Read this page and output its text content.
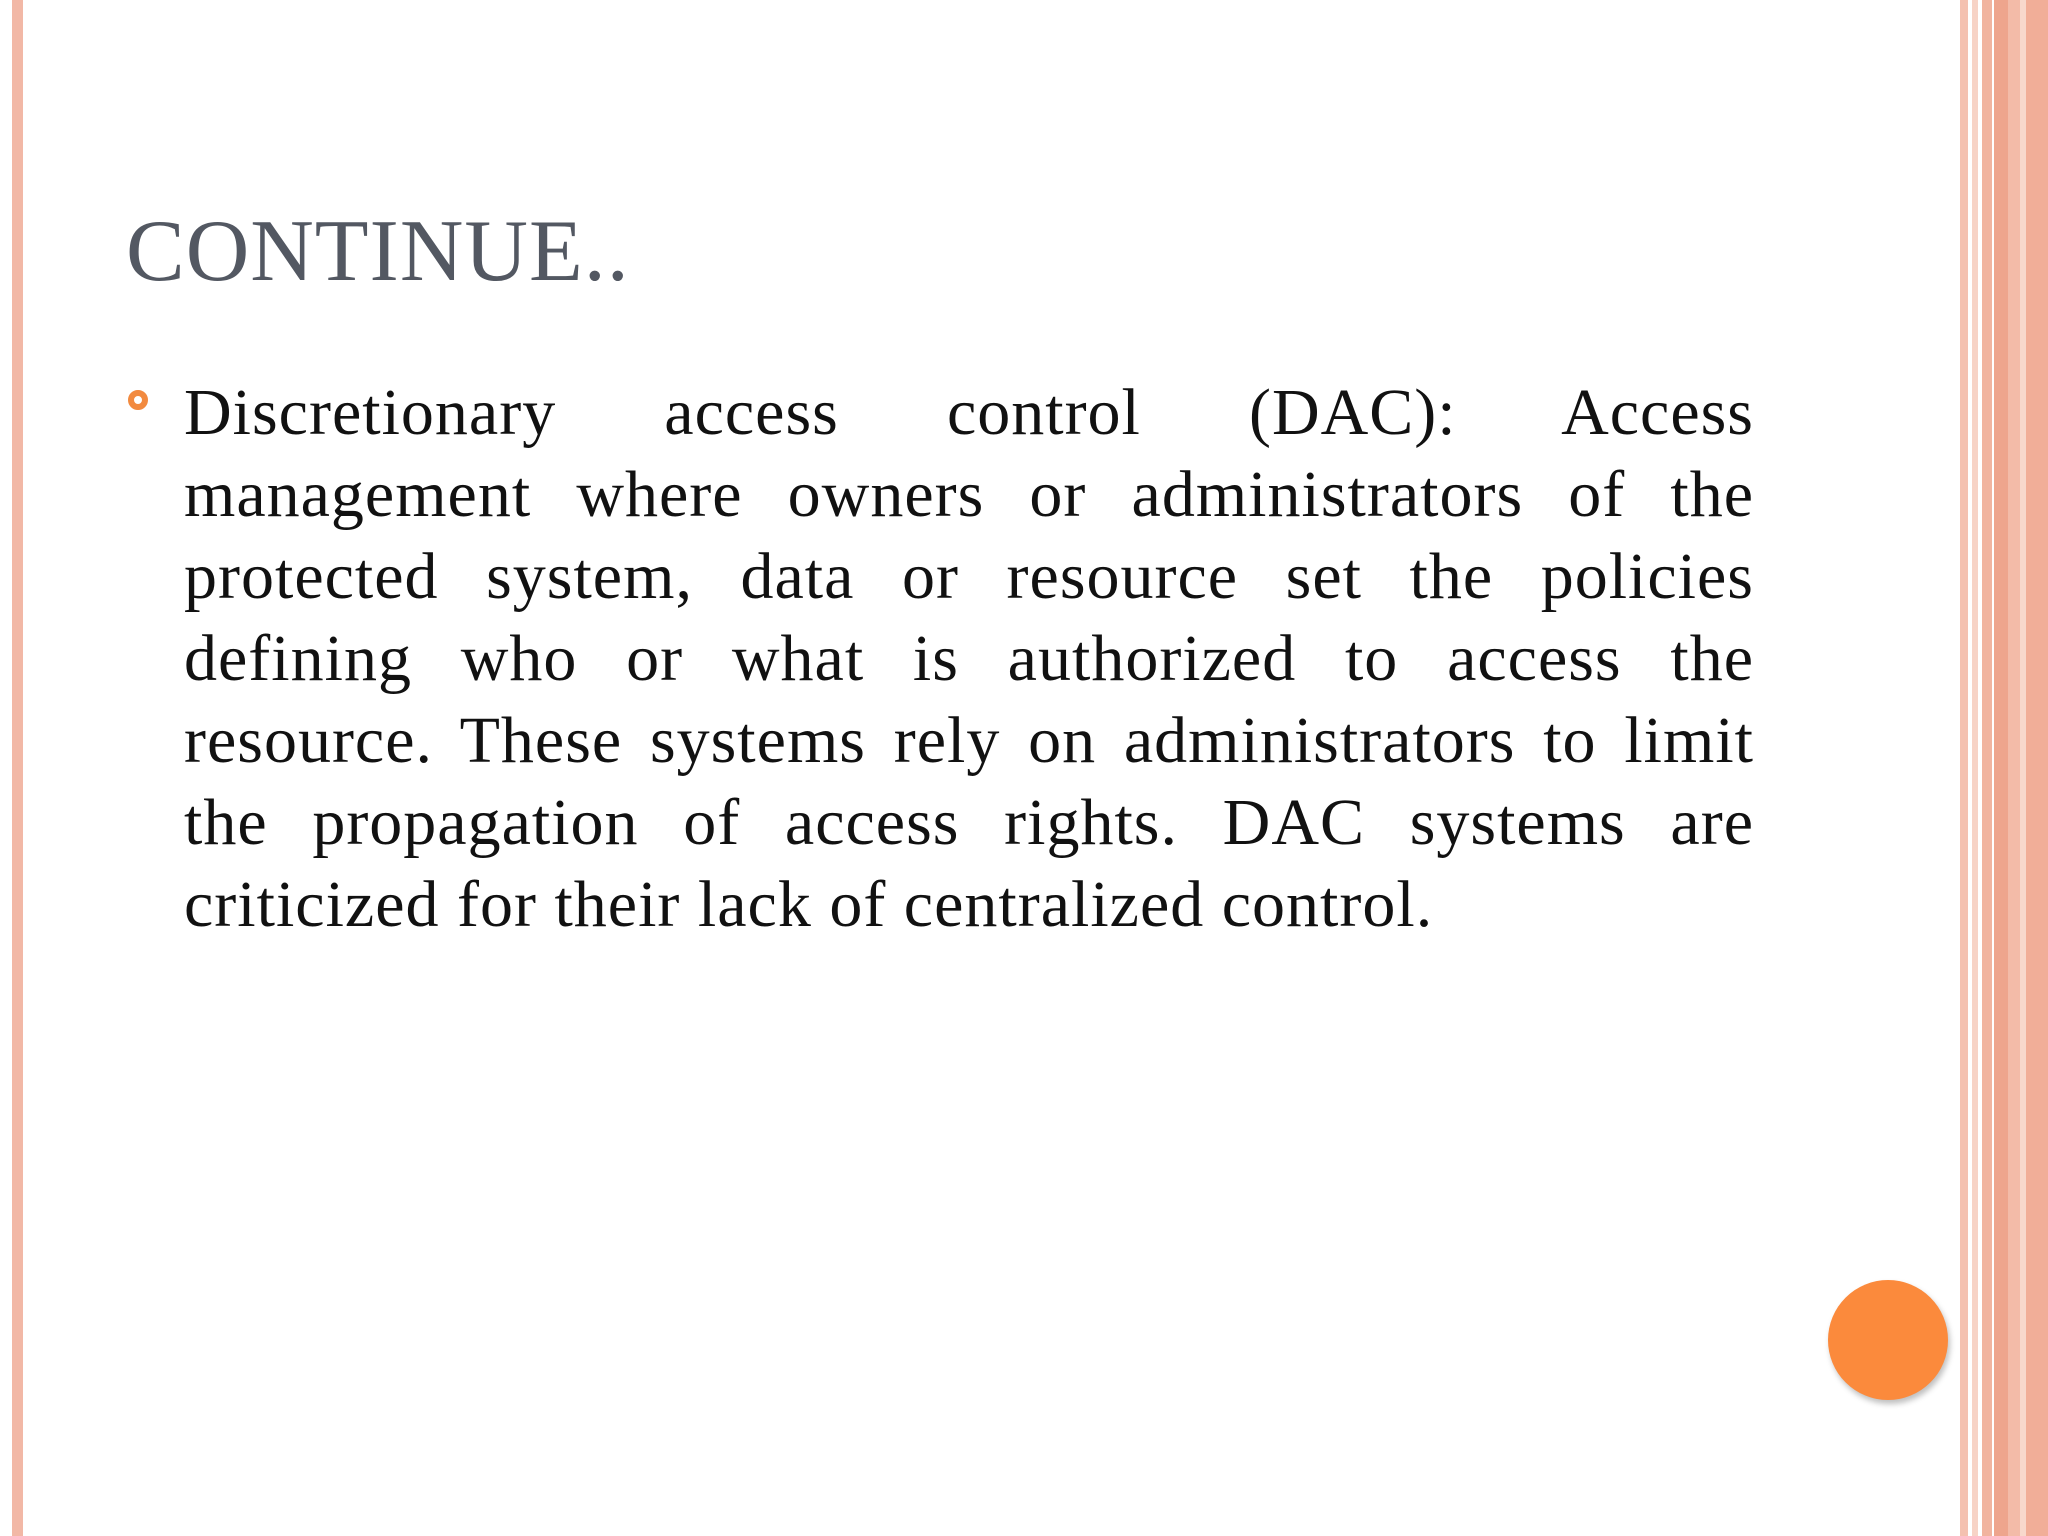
CONTINUE..

Discretionary access control (DAC): Access management where owners or administrators of the protected system, data or resource set the policies defining who or what is authorized to access the resource. These systems rely on administrators to limit the propagation of access rights. DAC systems are criticized for their lack of centralized control.
